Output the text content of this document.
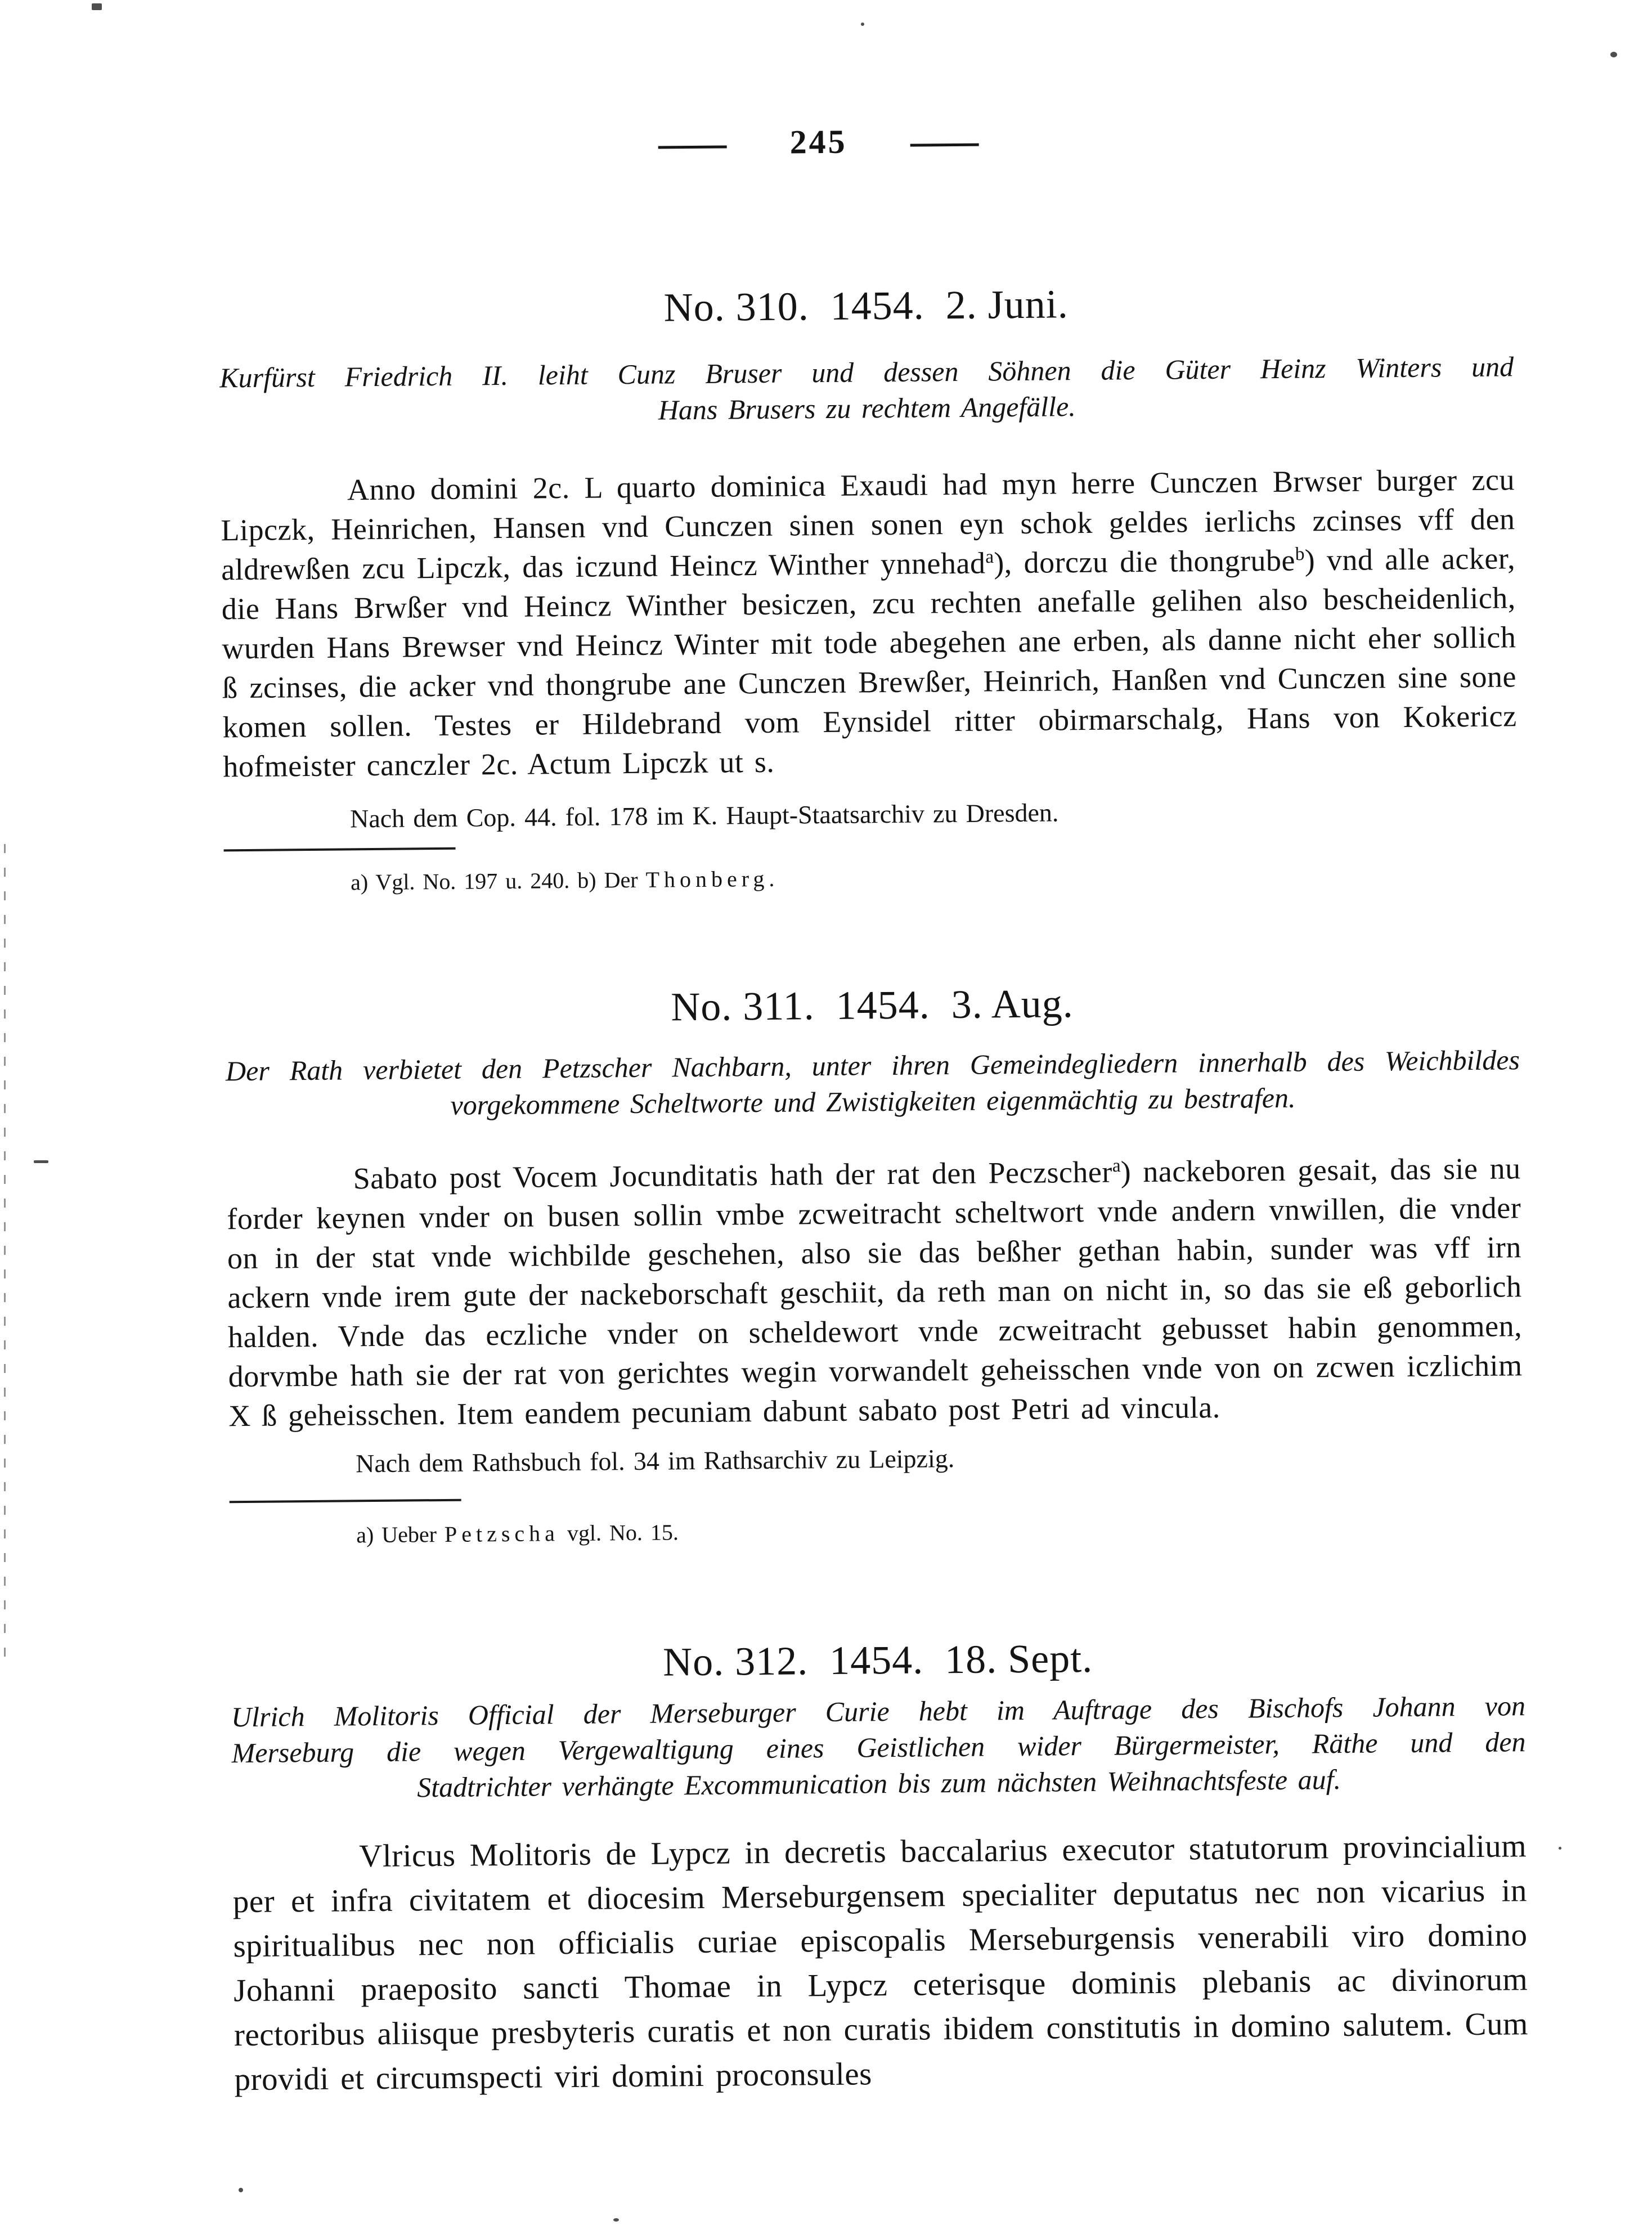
245
No. 310.  1454.  2. Juni.
Kurfürst Friedrich II. leiht Cunz Bruser und dessen Söhnen die Güter Heinz Winters und
Hans Brusers zu rechtem Angefälle.
Anno domini 2c. L quarto dominica Exaudi had myn herre Cunczen Brwser burger zcu Lipczk, Heinrichen, Hansen vnd Cunczen sinen sonen eyn schok geldes ierlichs zcinses vff den aldrewßen zcu Lipczk, das iczund Heincz Winther ynnehad$^a$), dorczu die thongrube$^b$) vnd alle acker, die Hans Brwßer vnd Heincz Winther besiczen, zcu rechten anefalle gelihen also bescheidenlich, wurden Hans Brewser vnd Heincz Winter mit tode abegehen ane erben, als danne nicht eher sollich ß zcinses, die acker vnd thongrube ane Cunczen Brewßer, Heinrich, Hanßen vnd Cunczen sine sone komen sollen. Testes er Hildebrand vom Eynsidel ritter obirmarschalg, Hans von Kokericz hofmeister canczler 2c. Actum Lipczk ut s.
Nach dem Cop. 44. fol. 178 im K. Haupt-Staatsarchiv zu Dresden.
a) Vgl. No. 197 u. 240. b) Der Thonberg.
No. 311.  1454.  3. Aug.
Der Rath verbietet den Petzscher Nachbarn, unter ihren Gemeindegliedern innerhalb des Weichbildes
vorgekommene Scheltworte und Zwistigkeiten eigenmächtig zu bestrafen.
Sabato post Vocem Jocunditatis hath der rat den Peczscher$^a$) nackeboren gesait, das sie nu forder keynen vnder on busen sollin vmbe zcweitracht scheltwort vnde andern vnwillen, die vnder on in der stat vnde wichbilde geschehen, also sie das beßher gethan habin, sunder was vff irn ackern vnde irem gute der nackeborschaft geschiit, da reth man on nicht in, so das sie eß geborlich halden. Vnde das eczliche vnder on scheldewort vnde zcweitracht gebusset habin genommen, dorvmbe hath sie der rat von gerichtes wegin vorwandelt geheisschen vnde von on zcwen iczlichim X ß geheisschen. Item eandem pecuniam dabunt sabato post Petri ad vincula.
Nach dem Rathsbuch fol. 34 im Rathsarchiv zu Leipzig.
a) Ueber Petzscha vgl. No. 15.
No. 312.  1454.  18. Sept.
Ulrich Molitoris Official der Merseburger Curie hebt im Auftrage des Bischofs Johann von
Merseburg die wegen Vergewaltigung eines Geistlichen wider Bürgermeister, Räthe und den
Stadtrichter verhängte Excommunication bis zum nächsten Weihnachtsfeste auf.
Vlricus Molitoris de Lypcz in decretis baccalarius executor statutorum provincialium per et infra civitatem et diocesim Merseburgensem specialiter deputatus nec non vicarius in spiritualibus nec non officialis curiae episcopalis Merseburgensis venerabili viro domino Johanni praeposito sancti Thomae in Lypcz ceterisque dominis plebanis ac divinorum rectoribus aliisque presbyteris curatis et non curatis ibidem constitutis in domino salutem. Cum providi et circumspecti viri domini proconsules
